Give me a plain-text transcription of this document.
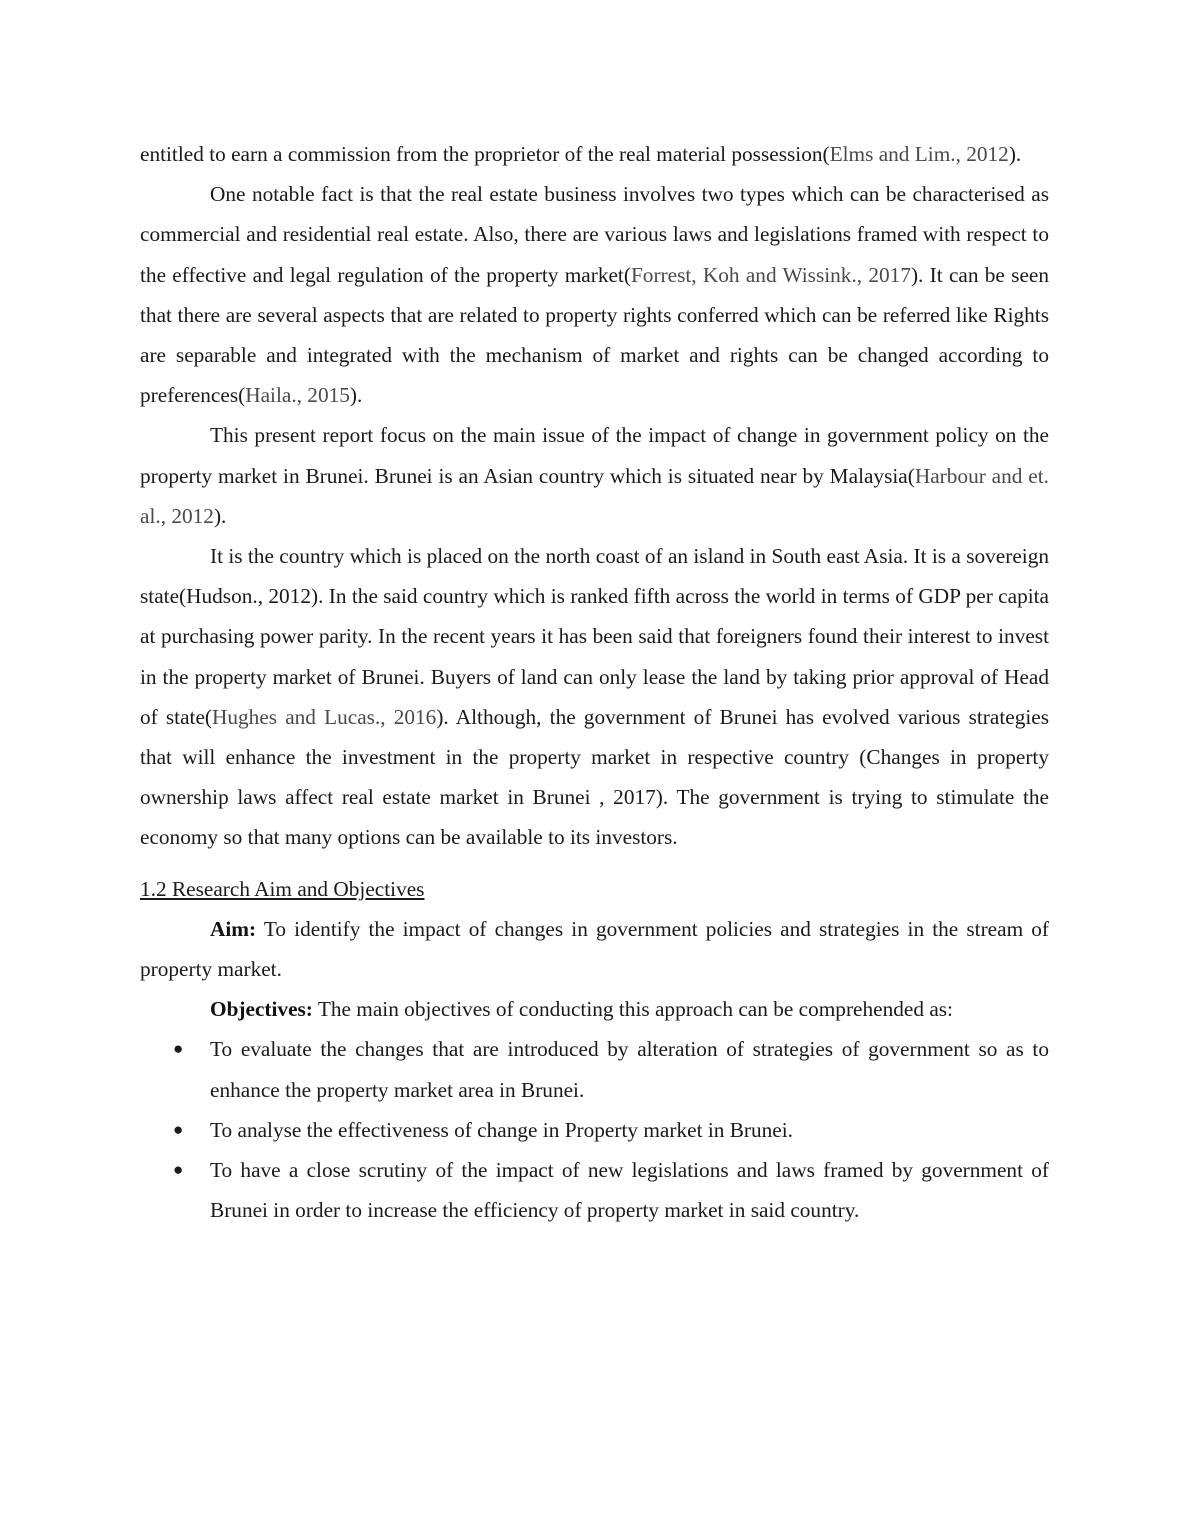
entitled to earn a commission from the proprietor of the real material possession(Elms and Lim., 2012).

One notable fact is that the real estate business involves two types which can be characterised as commercial and residential real estate. Also, there are various laws and legislations framed with respect to the effective and legal regulation of the property market(Forrest, Koh and Wissink., 2017). It can be seen that there are several aspects that are related to property rights conferred which can be referred like Rights are separable and integrated with the mechanism of market and rights can be changed according to preferences(Haila., 2015).

This present report focus on the main issue of the impact of change in government policy on the property market in Brunei. Brunei is an Asian country which is situated near by Malaysia(Harbour and et. al., 2012).

It is the country which is placed on the north coast of an island in South east Asia. It is a sovereign state(Hudson., 2012). In the said country which is ranked fifth across the world in terms of GDP per capita at purchasing power parity. In the recent years it has been said that foreigners found their interest to invest in the property market of Brunei. Buyers of land can only lease the land by taking prior approval of Head of state(Hughes and Lucas., 2016). Although, the government of Brunei has evolved various strategies that will enhance the investment in the property market in respective country (Changes in property ownership laws affect real estate market in Brunei , 2017). The government is trying to stimulate the economy so that many options can be available to its investors.

1.2 Research Aim and Objectives

Aim: To identify the impact of changes in government policies and strategies in the stream of property market.

Objectives: The main objectives of conducting this approach can be comprehended as:

● To evaluate the changes that are introduced by alteration of strategies of government so as to enhance the property market area in Brunei.
● To analyse the effectiveness of change in Property market in Brunei.
● To have a close scrutiny of the impact of new legislations and laws framed by government of Brunei in order to increase the efficiency of property market in said country.
